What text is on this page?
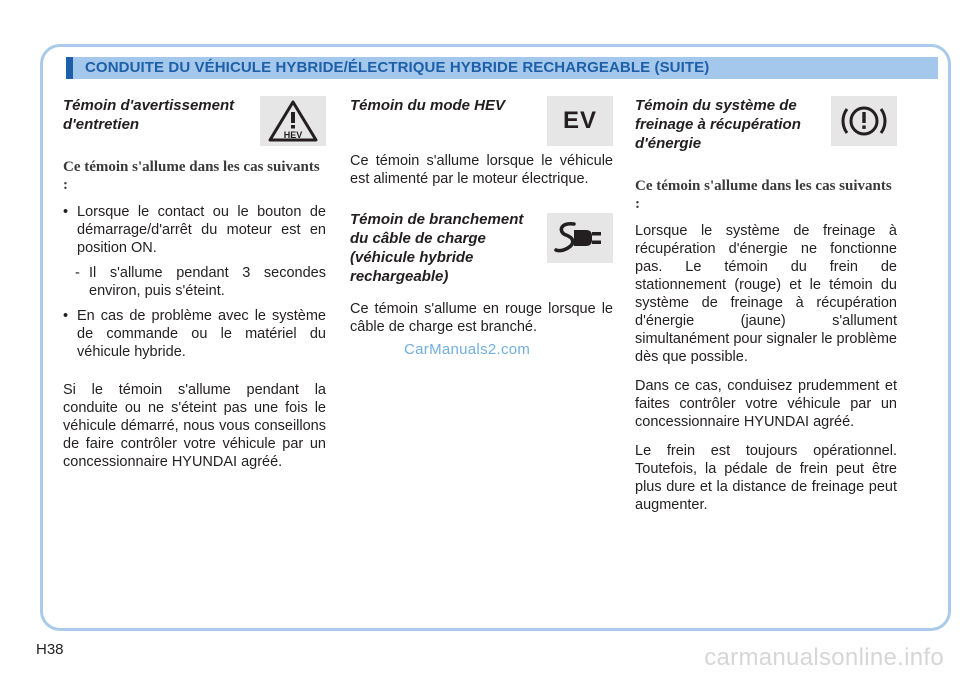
CONDUITE DU VÉHICULE HYBRIDE/ÉLECTRIQUE HYBRIDE RECHARGEABLE (SUITE)
Témoin d'avertissement d'entretien
HEV
Ce témoin s'allume dans les cas suivants :
• Lorsque le contact ou le bouton de démarrage/d'arrêt du moteur est en position ON.
- Il s'allume pendant 3 secondes environ, puis s'éteint.
• En cas de problème avec le système de commande ou le matériel du véhicule hybride.

Si le témoin s'allume pendant la conduite ou ne s'éteint pas une fois le véhicule démarré, nous vous conseillons de faire contrôler votre véhicule par un concessionnaire HYUNDAI agréé.

Témoin du mode HEV
EV

Ce témoin s'allume lorsque le véhicule est alimenté par le moteur électrique.

Témoin de branchement du câble de charge (véhicule hybride rechargeable)

Ce témoin s'allume en rouge lorsque le câble de charge est branché.

Témoin du système de freinage à récupération d'énergie
Ce témoin s'allume dans les cas suivants :

Lorsque le système de freinage à récupération d'énergie ne fonctionne pas. Le témoin du frein de stationnement (rouge) et le témoin du système de freinage à récupération d'énergie (jaune) s'allument simultanément pour signaler le problème dès que possible.

Dans ce cas, conduisez prudemment et faites contrôler votre véhicule par un concessionnaire HYUNDAI agréé.

Le frein est toujours opérationnel. Toutefois, la pédale de frein peut être plus dure et la distance de freinage peut augmenter.

CarManuals2.com
H38	carmanualsonline.info
